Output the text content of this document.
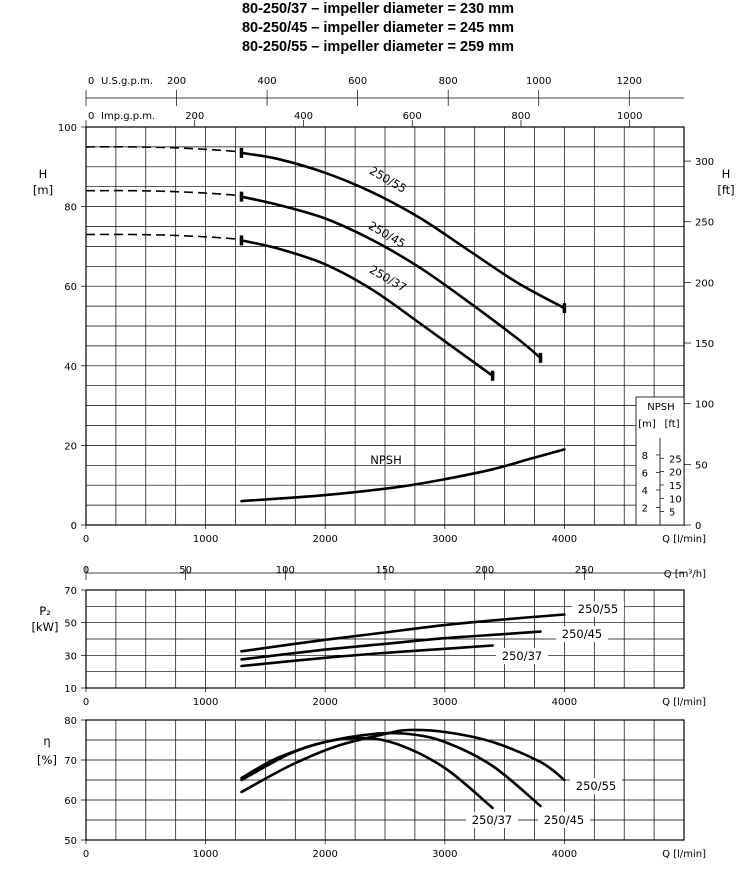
80-250/37 – impeller diameter = 230 mm
80-250/45 – impeller diameter = 245 mm
80-250/55 – impeller diameter = 259 mm
0
20
40
60
80
100
0	1000	2000	3000	4000	Q [l/min]
200	400	600	800	1000	1200
0 U.S.g.p.m.
200	400	600	800	1000
0 Imp.g.p.m.
0
50
100
150
200
250
300
H
[m]
H
[ft]
250/55
250/45
250/37
NPSH
NPSH
[m] [ft]
2
4
6
8
5
10
15
20
25
0	50	100	150	200	250	Q [m³/h]
10
30
50
70
0	1000	2000	3000	4000	Q [l/min]
P₂
[kW]
250/55
250/45
250/37
50
60
70
80
0	1000	2000	3000	4000	Q [l/min]
η
[%]
250/55
250/45
250/37
